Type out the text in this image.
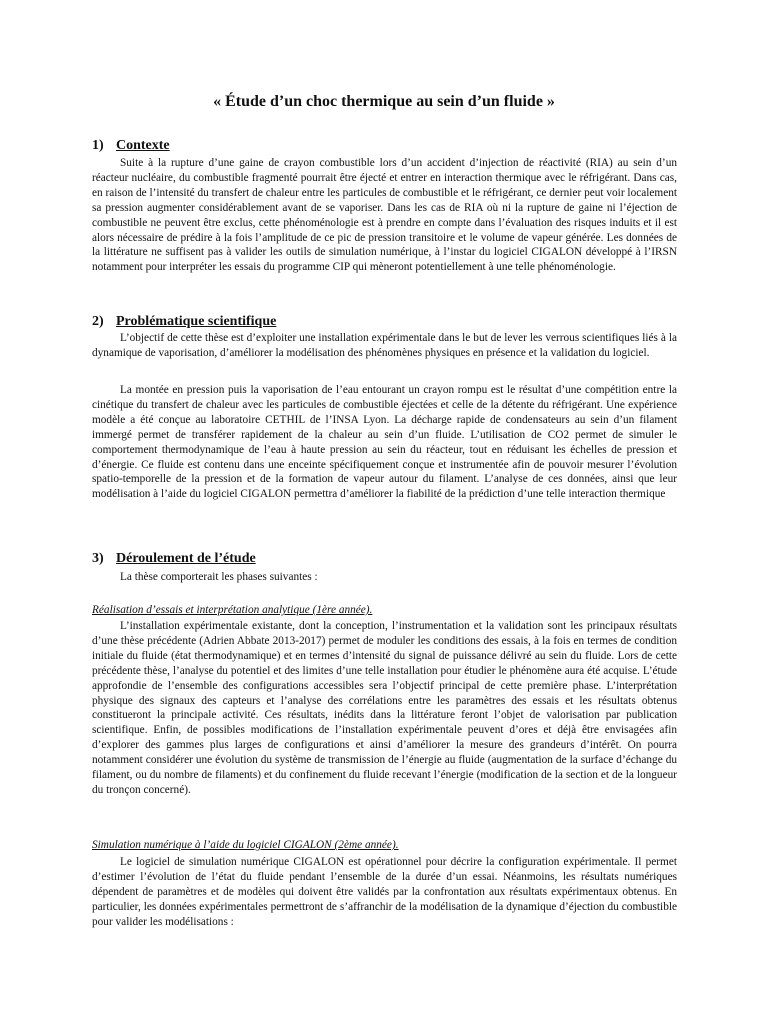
« Étude d’un choc thermique au sein d’un fluide »
1) Contexte

Suite à la rupture d’une gaine de crayon combustible lors d’un accident d’injection de réactivité (RIA) au sein d’un réacteur nucléaire, du combustible fragmenté pourrait être éjecté et entrer en interaction thermique avec le réfrigérant. Dans cas, en raison de l’intensité du transfert de chaleur entre les particules de combustible et le réfrigérant, ce dernier peut voir localement sa pression augmenter considérablement avant de se vaporiser. Dans les cas de RIA où ni la rupture de gaine ni l’éjection de combustible ne peuvent être exclus, cette phénoménologie est à prendre en compte dans l’évaluation des risques induits et il est alors nécessaire de prédire à la fois l’amplitude de ce pic de pression transitoire et le volume de vapeur générée. Les données de la littérature ne suffisent pas à valider les outils de simulation numérique, à l’instar du logiciel CIGALON développé à l’IRSN notamment pour interpréter les essais du programme CIP qui mèneront potentiellement à une telle phénoménologie.

2) Problématique scientifique

L’objectif de cette thèse est d’exploiter une installation expérimentale dans le but de lever les verrous scientifiques liés à la dynamique de vaporisation, d’améliorer la modélisation des phénomènes physiques en présence et la validation du logiciel.

La montée en pression puis la vaporisation de l’eau entourant un crayon rompu est le résultat d’une compétition entre la cinétique du transfert de chaleur avec les particules de combustible éjectées et celle de la détente du réfrigérant. Une expérience modèle a été conçue au laboratoire CETHIL de l’INSA Lyon. La décharge rapide de condensateurs au sein d’un filament immergé permet de transférer rapidement de la chaleur au sein d’un fluide. L’utilisation de CO2 permet de simuler le comportement thermodynamique de l’eau à haute pression au sein du réacteur, tout en réduisant les échelles de pression et d’énergie. Ce fluide est contenu dans une enceinte spécifiquement conçue et instrumentée afin de pouvoir mesurer l’évolution spatio-temporelle de la pression et de la formation de vapeur autour du filament. L’analyse de ces données, ainsi que leur modélisation à l’aide du logiciel CIGALON permettra d’améliorer la fiabilité de la prédiction d’une telle interaction thermique

3) Déroulement de l’étude
La thèse comporterait les phases suivantes :
Réalisation d’essais et interprétation analytique (1ère année).

L’installation expérimentale existante, dont la conception, l’instrumentation et la validation sont les principaux résultats d’une thèse précédente (Adrien Abbate 2013-2017) permet de moduler les conditions des essais, à la fois en termes de condition initiale du fluide (état thermodynamique) et en termes d’intensité du signal de puissance délivré au sein du fluide. Lors de cette précédente thèse, l’analyse du potentiel et des limites d’une telle installation pour étudier le phénomène aura été acquise. L’étude approfondie de l’ensemble des configurations accessibles sera l’objectif principal de cette première phase. L’interprétation physique des signaux des capteurs et l’analyse des corrélations entre les paramètres des essais et les résultats obtenus constitueront la principale activité. Ces résultats, inédits dans la littérature feront l’objet de valorisation par publication scientifique. Enfin, de possibles modifications de l’installation expérimentale peuvent d’ores et déjà être envisagées afin d’explorer des gammes plus larges de configurations et ainsi d’améliorer la mesure des grandeurs d’intérêt. On pourra notamment considérer une évolution du système de transmission de l’énergie au fluide (augmentation de la surface d’échange du filament, ou du nombre de filaments) et du confinement du fluide recevant l’énergie (modification de la section et de la longueur du tronçon concerné).

Simulation numérique à l’aide du logiciel CIGALON (2ème année).

Le logiciel de simulation numérique CIGALON est opérationnel pour décrire la configuration expérimentale. Il permet d’estimer l’évolution de l’état du fluide pendant l’ensemble de la durée d’un essai. Néanmoins, les résultats numériques dépendent de paramètres et de modèles qui doivent être validés par la confrontation aux résultats expérimentaux obtenus. En particulier, les données expérimentales permettront de s’affranchir de la modélisation de la dynamique d’éjection du combustible pour valider les modélisations :
